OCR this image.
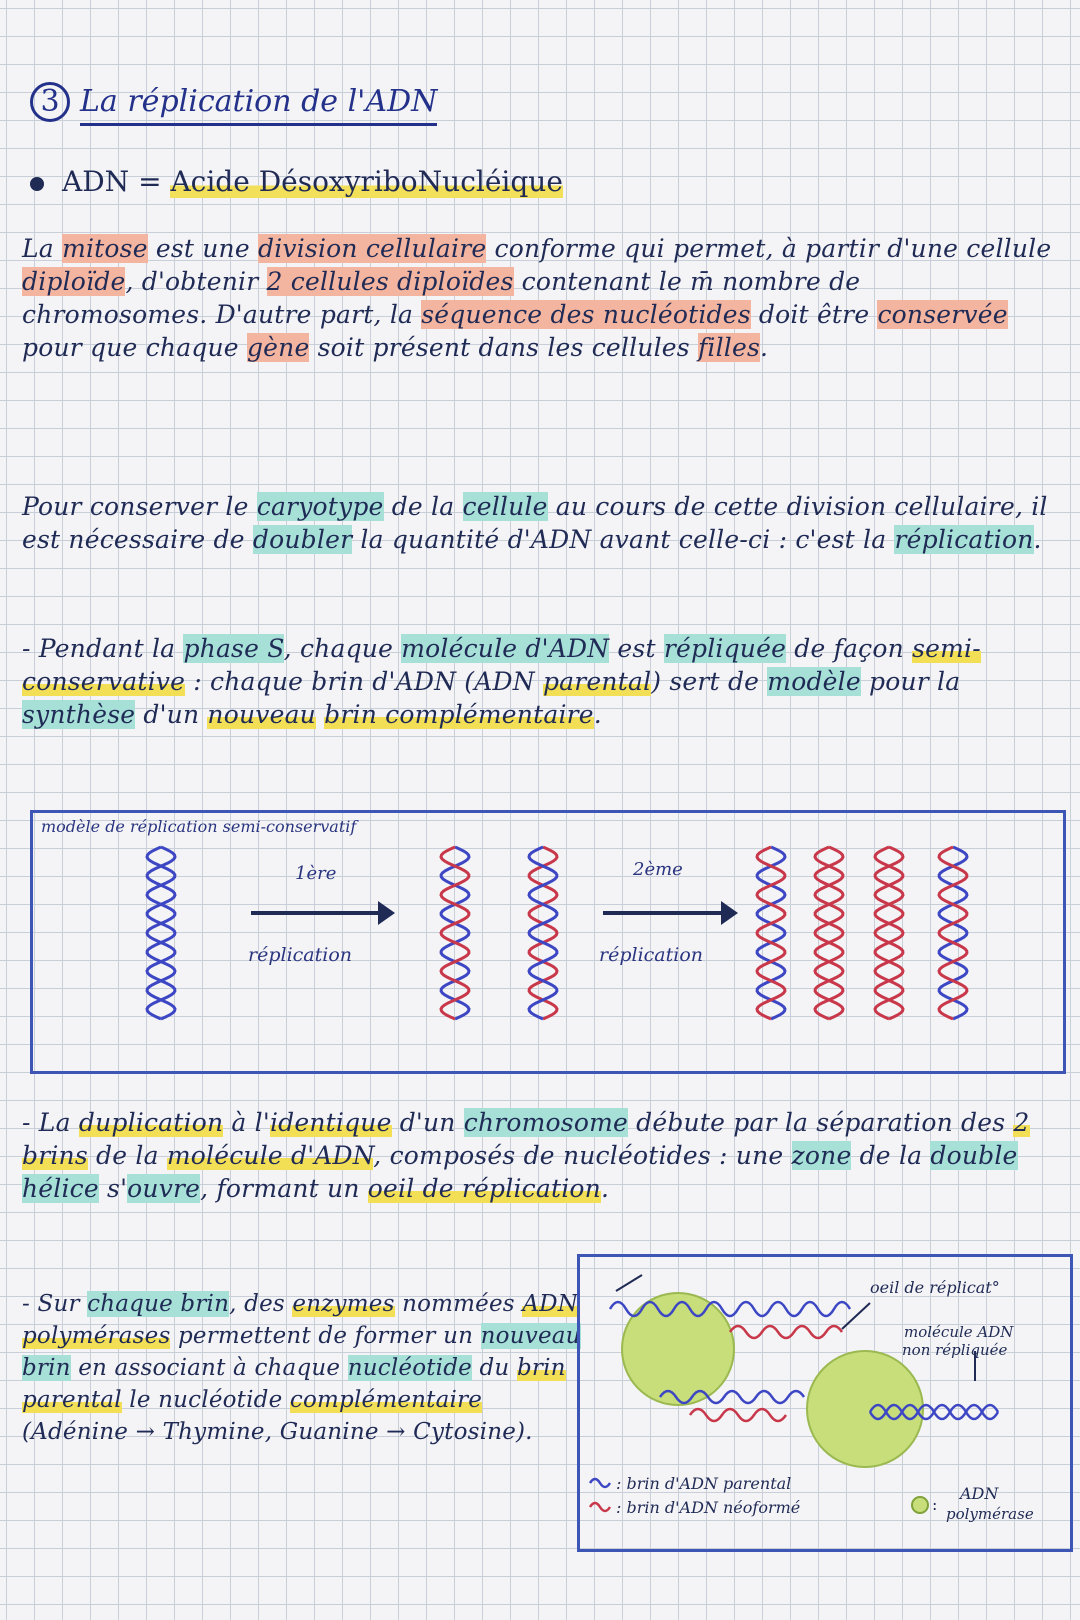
3 La réplication de l'ADN
ADN = Acide DésoxyriboNucléique

La mitose est une division cellulaire conforme qui permet, à partir d'une cellule diploïde, d'obtenir 2 cellules diploïdes contenant le m̄ nombre de chromosomes. D'autre part, la séquence des nucléotides doit être conservée pour que chaque gène soit présent dans les cellules filles.

Pour conserver le caryotype de la cellule au cours de cette division cellulaire, il est nécessaire de doubler la quantité d'ADN avant celle-ci : c'est la réplication.

- Pendant la phase S, chaque molécule d'ADN est répliquée de façon semi-conservative : chaque brin d'ADN (ADN parental) sert de modèle pour la synthèse d'un nouveau brin complémentaire.

modèle de réplication semi-conservatif
1ère
réplication
2ème
réplication

- La duplication à l'identique d'un chromosome débute par la séparation des 2 brins de la molécule d'ADN, composés de nucléotides : une zone de la double hélice s'ouvre, formant un oeil de réplication.

- Sur chaque brin, des enzymes nommées ADN polymérases permettent de former un nouveau brin en associant à chaque nucléotide du brin parental le nucléotide complémentaire (Adénine → Thymine, Guanine → Cytosine).

oeil de réplicat°
molécule ADN
non répliquée
: brin d'ADN parental
: brin d'ADN néoformé	:
ADN
polymérase
